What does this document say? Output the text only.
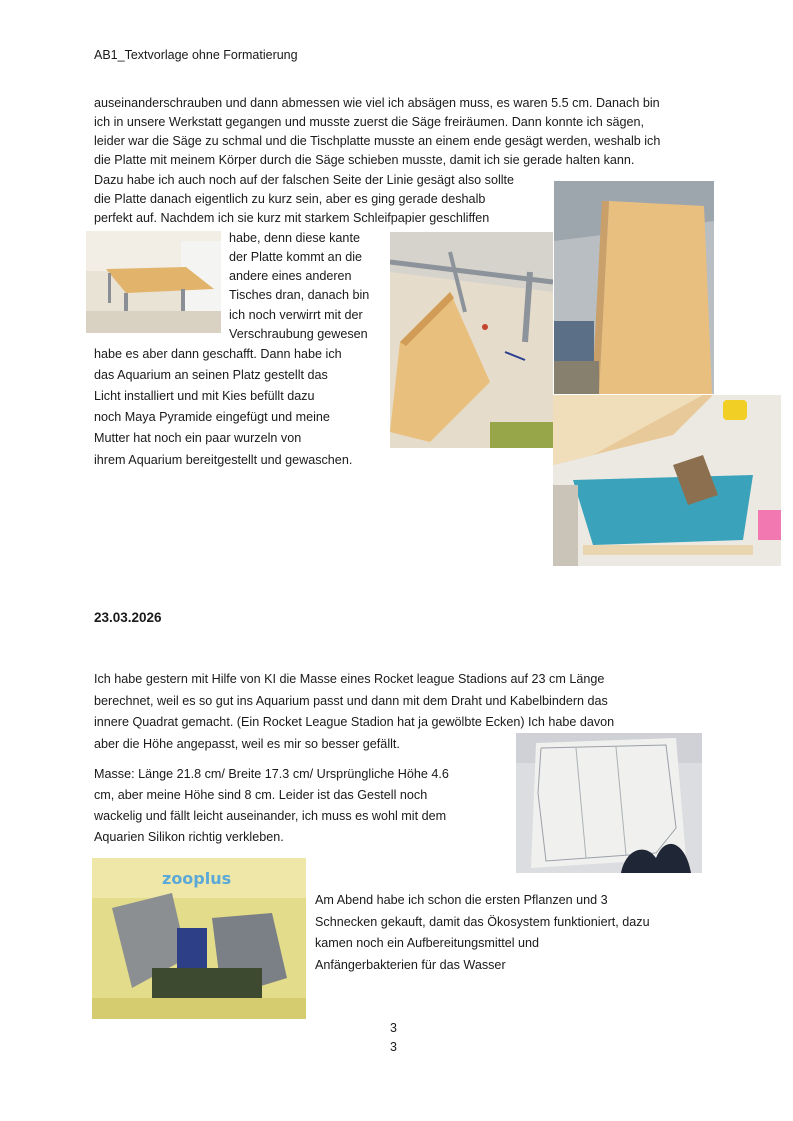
AB1_Textvorlage ohne Formatierung
auseinanderschrauben und dann abmessen wie viel ich absägen muss, es waren 5.5 cm. Danach bin
ich in unsere Werkstatt gegangen und musste zuerst die Säge freiräumen. Dann konnte ich sägen,
leider war die Säge zu schmal und die Tischplatte musste an einem ende gesägt werden, weshalb ich
die Platte mit meinem Körper durch die Säge schieben musste, damit ich sie gerade halten kann.
Dazu habe ich auch noch auf der falschen Seite der Linie gesägt also sollte
die Platte danach eigentlich zu kurz sein, aber es ging gerade deshalb
perfekt auf. Nachdem ich sie kurz mit starkem Schleifpapier geschliffen
habe, denn diese kante
der Platte kommt an die
andere eines anderen
Tisches dran, danach bin
ich noch verwirrt mit der
Verschraubung gewesen
habe es aber dann geschafft. Dann habe ich
das Aquarium an seinen Platz gestellt das
Licht installiert und mit Kies befüllt dazu
noch Maya Pyramide eingefügt und meine
Mutter hat noch ein paar wurzeln von
ihrem Aquarium bereitgestellt und gewaschen.
23.03.2026
Ich habe gestern mit Hilfe von KI die Masse eines Rocket league Stadions auf 23 cm Länge
berechnet, weil es so gut ins Aquarium passt und dann mit dem Draht und Kabelbindern das
innere Quadrat gemacht. (Ein Rocket League Stadion hat ja gewölbte Ecken) Ich habe davon
aber die Höhe angepasst, weil es mir so besser gefällt.
Masse: Länge 21.8 cm/ Breite 17.3 cm/ Ursprüngliche Höhe 4.6
cm, aber meine Höhe sind 8 cm. Leider ist das Gestell noch
wackelig und fällt leicht auseinander, ich muss es wohl mit dem
Aquarien Silikon richtig verkleben.
Am Abend habe ich schon die ersten Pflanzen und 3
Schnecken gekauft, damit das Ökosystem funktioniert, dazu
kamen noch ein Aufbereitungsmittel und
Anfängerbakterien für das Wasser
zooplus
3
3
